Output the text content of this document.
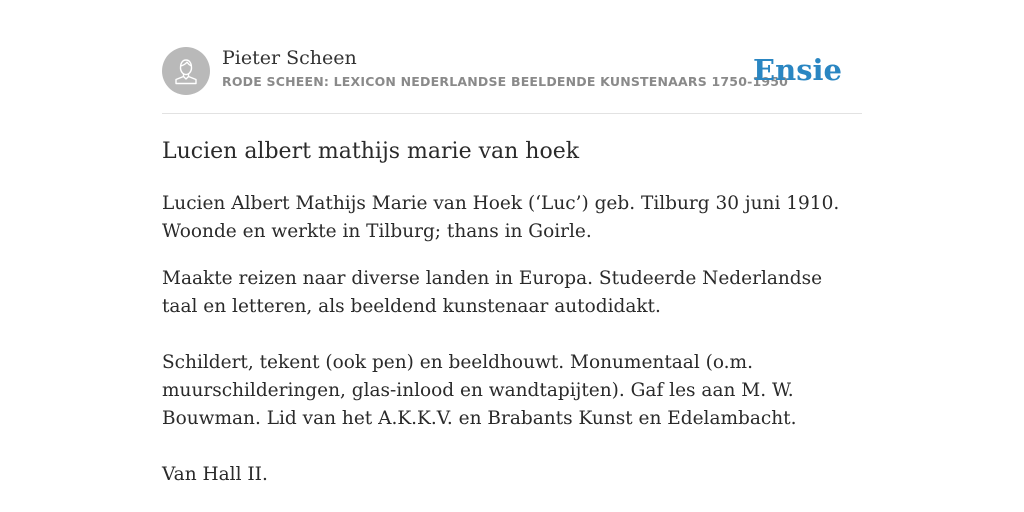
Pieter Scheen
RODE SCHEEN: LEXICON NEDERLANDSE BEELDENDE KUNSTENAARS 1750-1950
Ensie
Lucien albert mathijs marie van hoek

Lucien Albert Mathijs Marie van Hoek (‘Luc’) geb. Tilburg 30 juni 1910. Woonde en werkte in Tilburg; thans in Goirle.

Maakte reizen naar diverse landen in Europa. Studeerde Nederlandse taal en letteren, als beeldend kunstenaar autodidakt.

Schildert, tekent (ook pen) en beeldhouwt. Monumentaal (o.m. muurschilderingen, glas-inlood en wandtapijten). Gaf les aan M. W. Bouwman. Lid van het A.K.K.V. en Brabants Kunst en Edelambacht.

Van Hall II.
